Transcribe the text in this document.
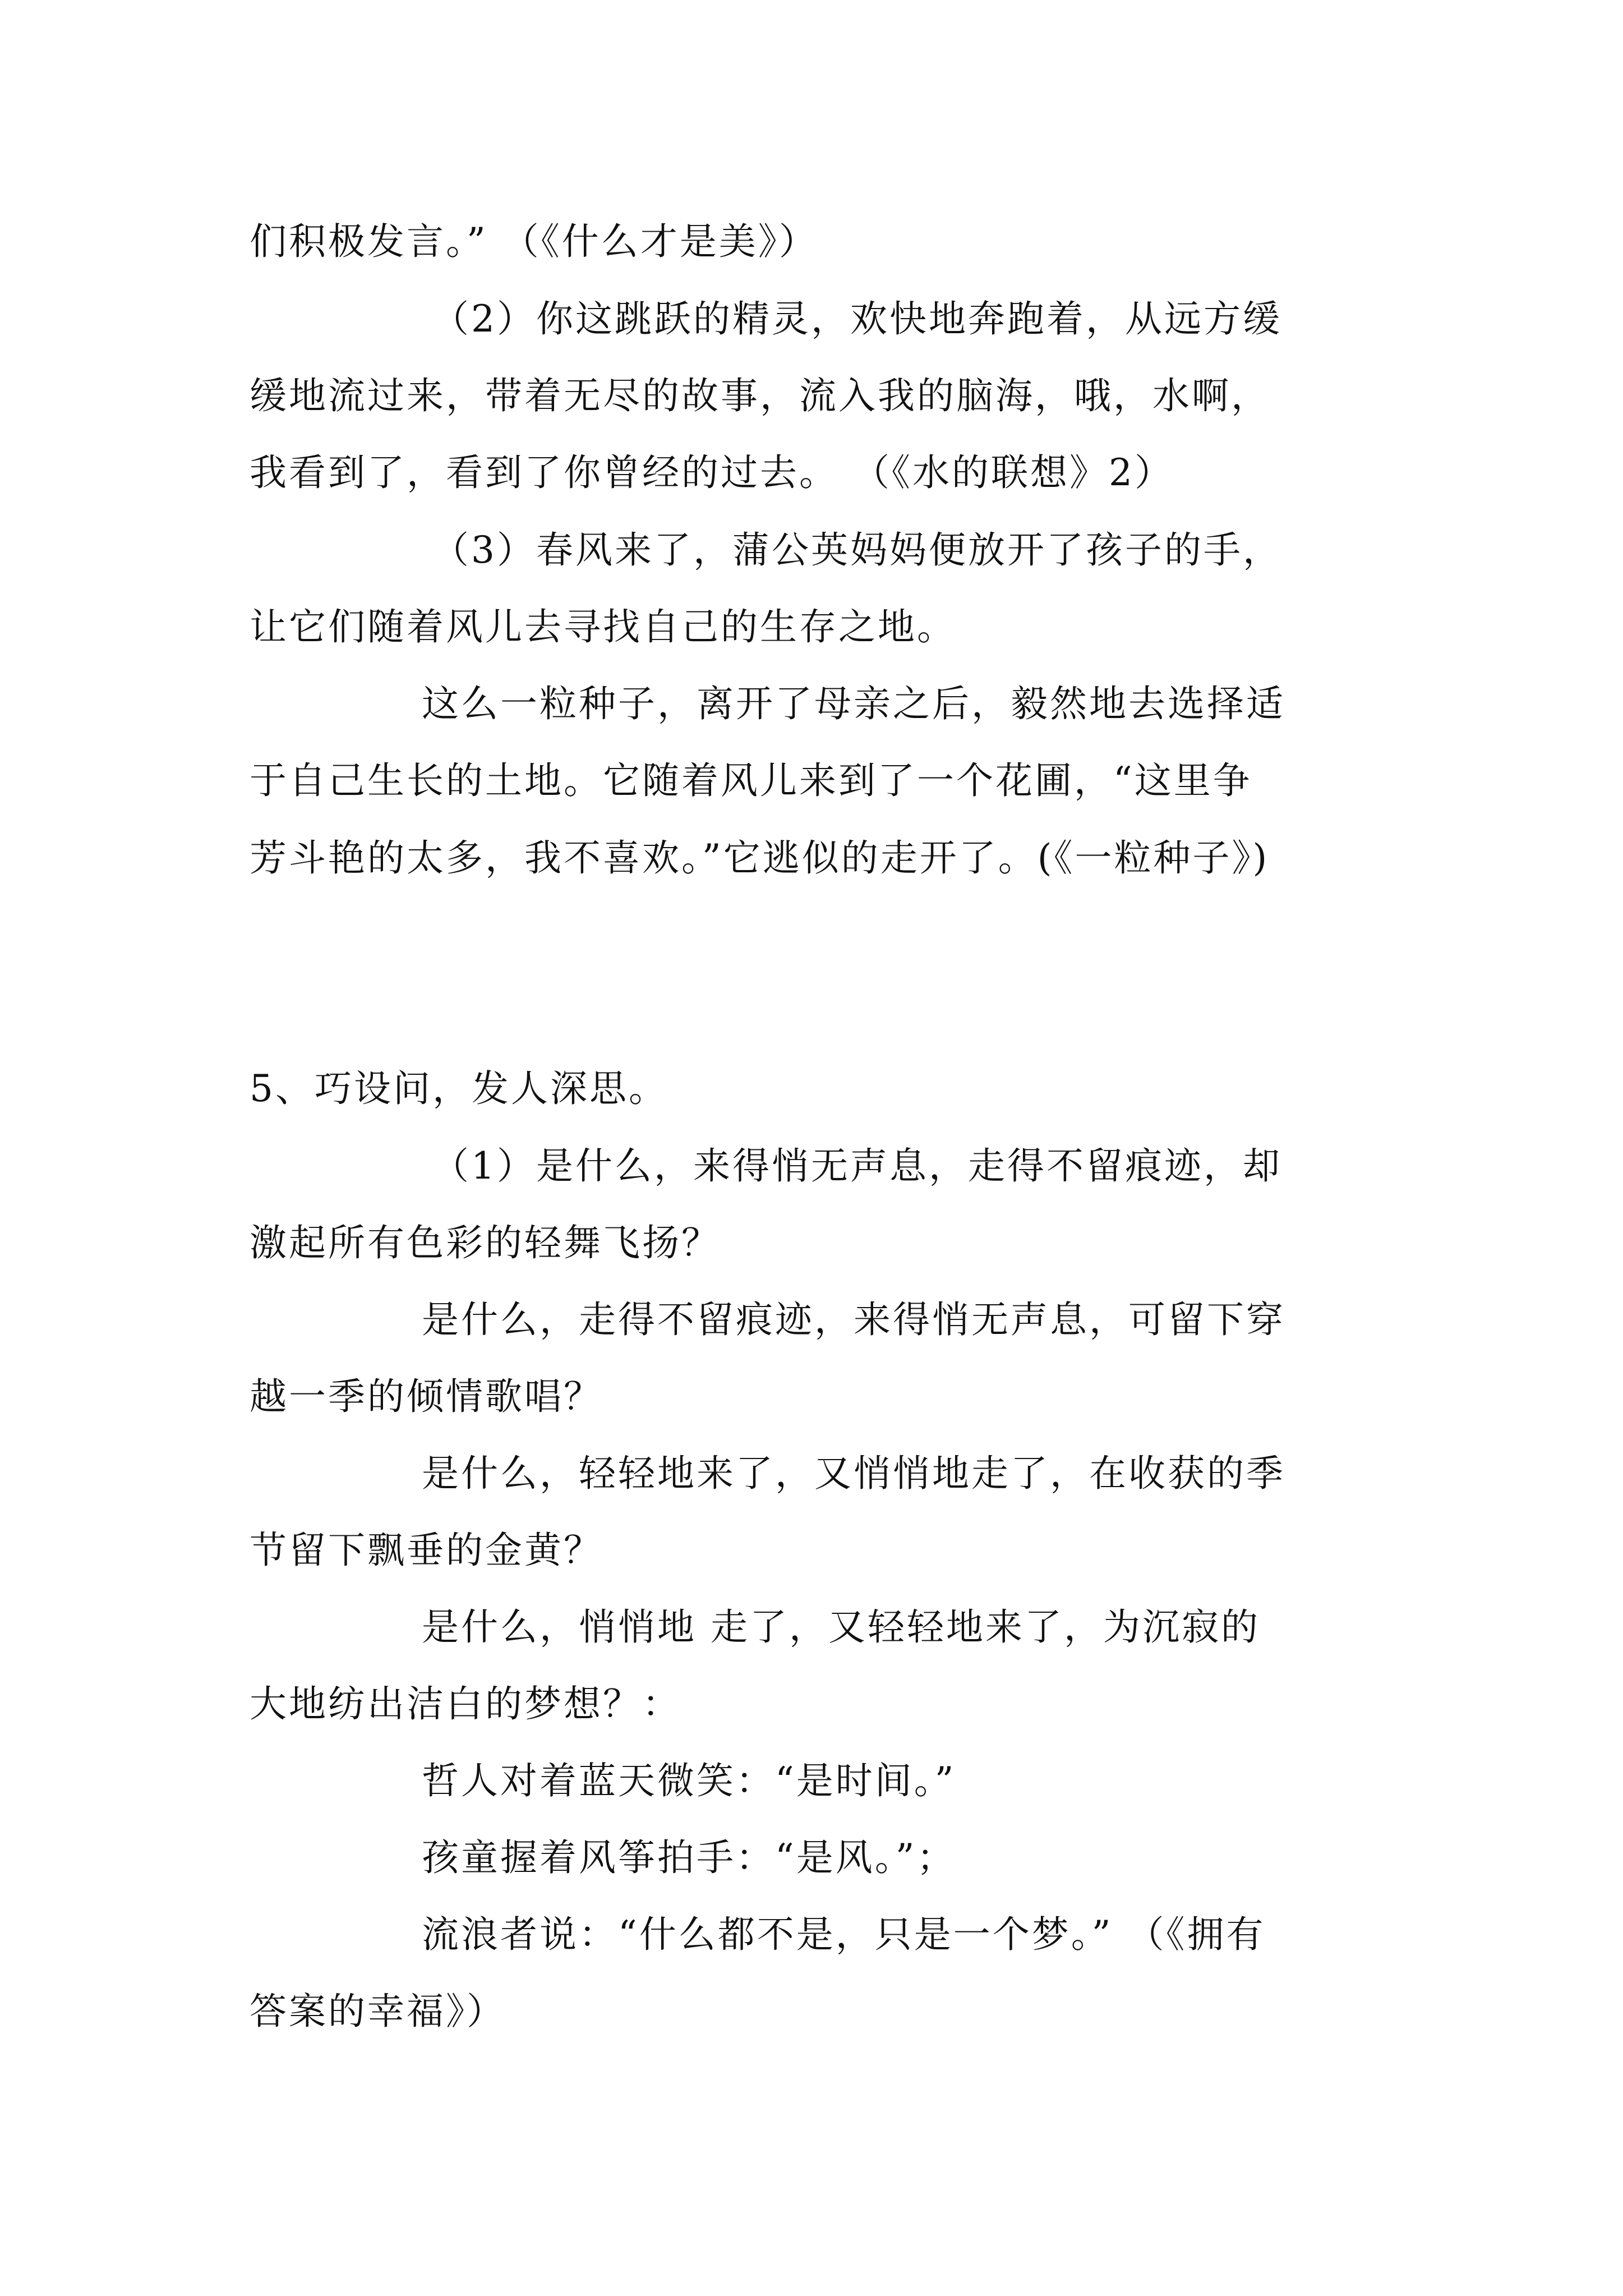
们积极发言。” （《什么才是美》）
（2）你这跳跃的精灵，欢快地奔跑着，从远方缓
缓地流过来，带着无尽的故事，流入我的脑海，哦，水啊，
我看到了，看到了你曾经的过去。 （《水的联想》2）
（3）春风来了，蒲公英妈妈便放开了孩子的手，
让它们随着风儿去寻找自己的生存之地。
这么一粒种子，离开了母亲之后，毅然地去选择适
于自己生长的土地。它随着风儿来到了一个花圃，“这里争
芳斗艳的太多，我不喜欢。”它逃似的走开了。(《一粒种子》)
5、巧设问，发人深思。
（1）是什么，来得悄无声息，走得不留痕迹，却
激起所有色彩的轻舞飞扬？
是什么，走得不留痕迹，来得悄无声息，可留下穿
越一季的倾情歌唱？
是什么，轻轻地来了，又悄悄地走了，在收获的季
节留下飘垂的金黄？
是什么，悄悄地 走了，又轻轻地来了，为沉寂的
大地纺出洁白的梦想？：
哲人对着蓝天微笑：“是时间。”
孩童握着风筝拍手：“是风。”；
流浪者说：“什么都不是，只是一个梦。” （《拥有
答案的幸福》）
